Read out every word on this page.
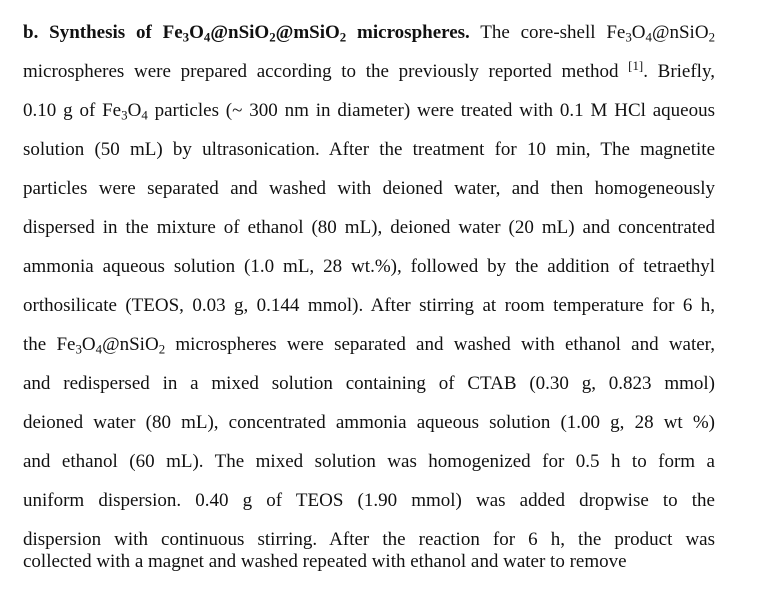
b. Synthesis of $Fe_3O_4@nSiO_2@mSiO_2$ microspheres. The core-shell $Fe_3O_4@nSiO_2$
microspheres were prepared according to the previously reported method [1]. Briefly,
0.10 g of $Fe_3O_4$ particles (~ 300 nm in diameter) were treated with 0.1 M HCl aqueous
solution (50 mL) by ultrasonication. After the treatment for 10 min, The magnetite
particles were separated and washed with deioned water, and then homogeneously
dispersed in the mixture of ethanol (80 mL), deioned water (20 mL) and concentrated
ammonia aqueous solution (1.0 mL, 28 wt.%), followed by the addition of tetraethyl
orthosilicate (TEOS, 0.03 g, 0.144 mmol). After stirring at room temperature for 6 h,
the $Fe_3O_4@nSiO_2$ microspheres were separated and washed with ethanol and water,
and redispersed in a mixed solution containing of CTAB (0.30 g, 0.823 mmol)
deioned water (80 mL), concentrated ammonia aqueous solution (1.00 g, 28 wt %)
and ethanol (60 mL). The mixed solution was homogenized for 0.5 h to form a
uniform dispersion. 0.40 g of TEOS (1.90 mmol) was added dropwise to the
dispersion with continuous stirring. After the reaction for 6 h, the product was
collected with a magnet and washed repeated with ethanol and water to remove
